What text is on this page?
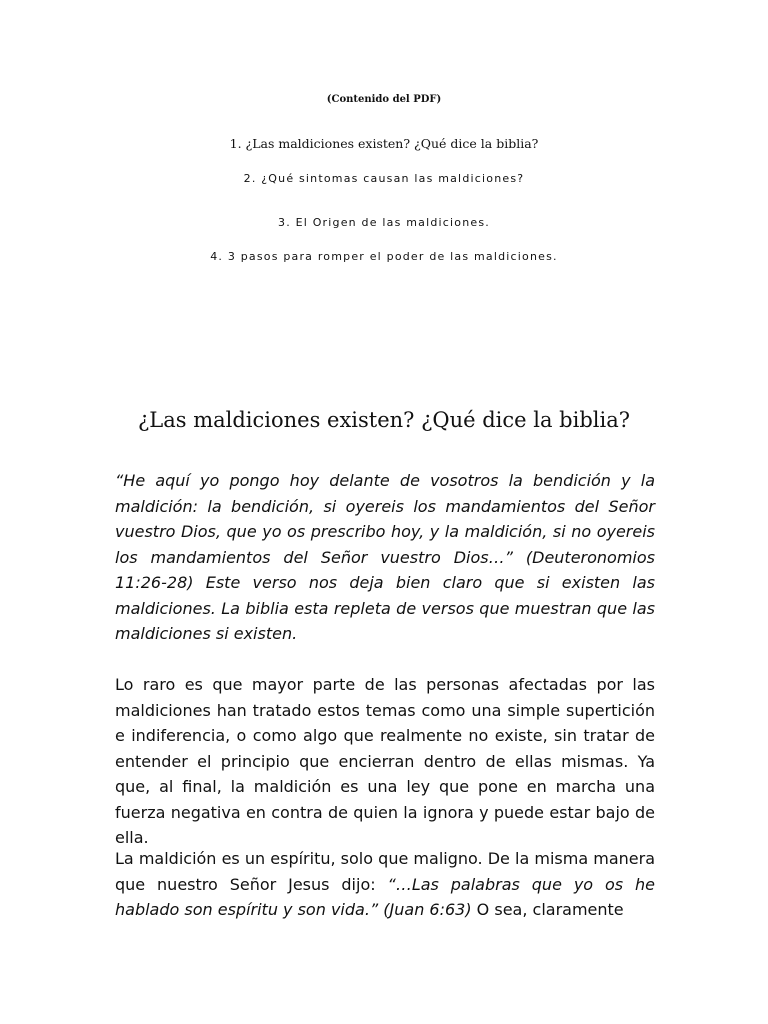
(Contenido del PDF)
1. ¿Las maldiciones existen? ¿Qué dice la biblia?
2. ¿Qué sintomas causan las maldiciones?
3. El Origen de las maldiciones.
4. 3 pasos para romper el poder de las maldiciones.
¿Las maldiciones existen? ¿Qué dice la biblia?

“He aquí yo pongo hoy delante de vosotros la bendición y la maldición: la bendición, si oyereis los mandamientos del Señor vuestro Dios, que yo os prescribo hoy, y la maldición, si no oyereis los mandamientos del Señor vuestro Dios…” (Deuteronomios 11:26-28) Este verso nos deja bien claro que si existen las maldiciones. La biblia esta repleta de versos que muestran que las maldiciones si existen.

Lo raro es que mayor parte de las personas afectadas por las maldiciones han tratado estos temas como una simple supertición e indiferencia, o como algo que realmente no existe, sin tratar de entender el principio que encierran dentro de ellas mismas. Ya que, al final, la maldición es una ley que pone en marcha una fuerza negativa en contra de quien la ignora y puede estar bajo de ella.

La maldición es un espíritu, solo que maligno. De la misma manera que nuestro Señor Jesus dijo: “…Las palabras que yo os he hablado son espíritu y son vida.” (Juan 6:63) O sea, claramente
